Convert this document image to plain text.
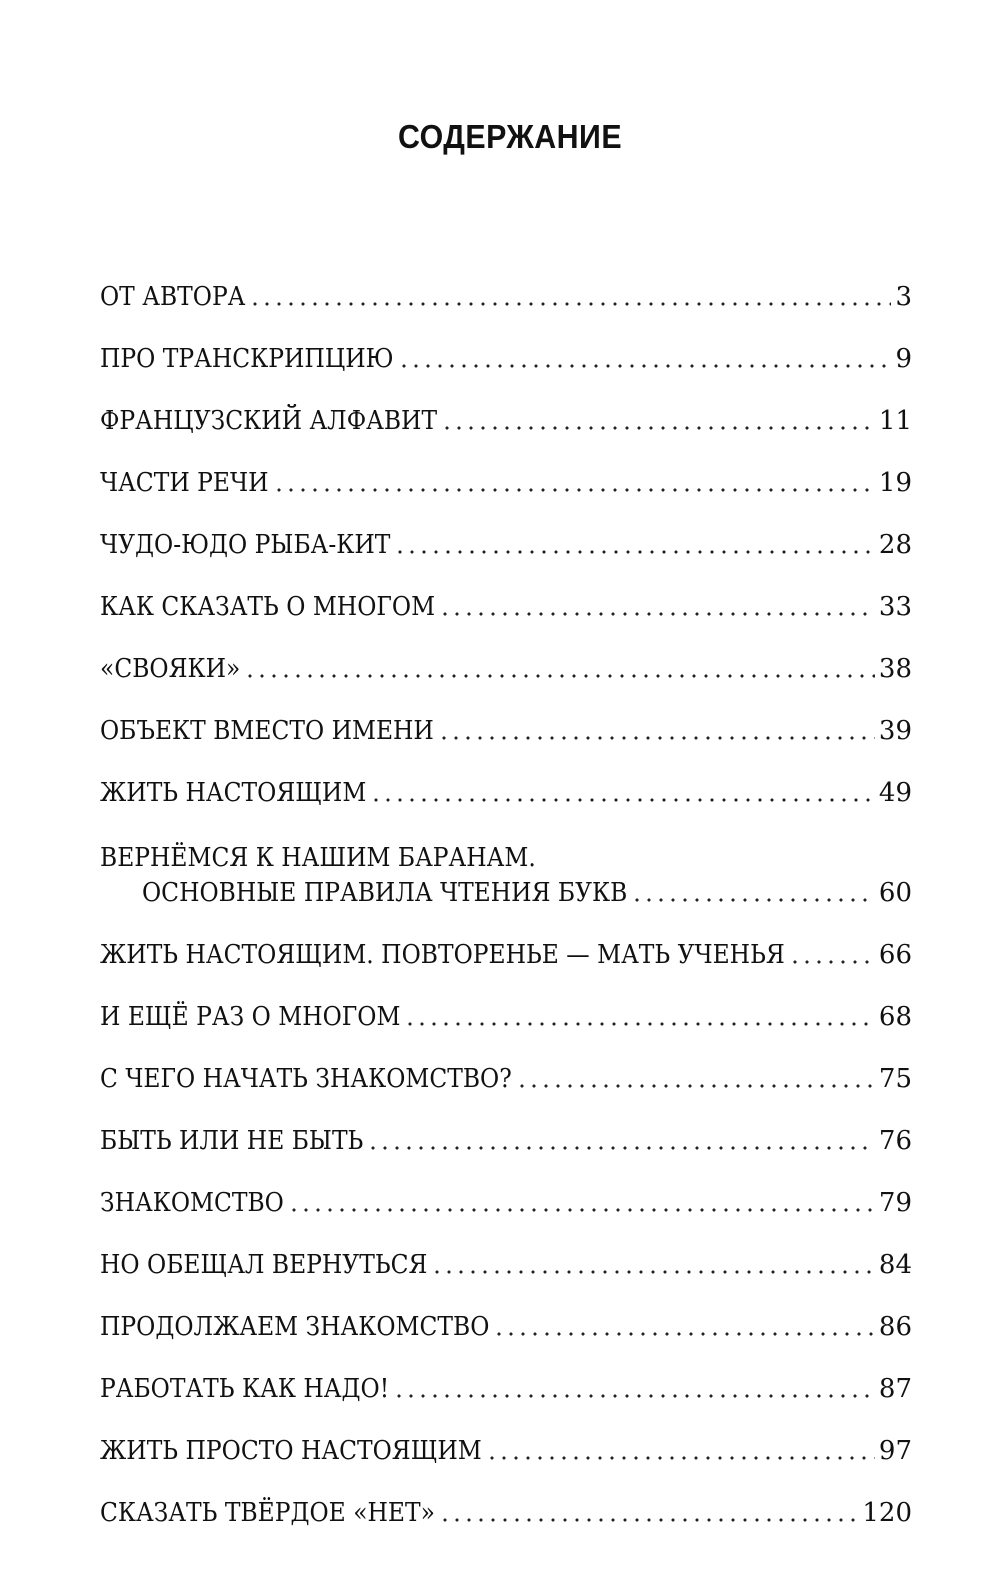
СОДЕРЖАНИЕ
ОТ АВТОРА	3
ПРО ТРАНСКРИПЦИЮ	9
ФРАНЦУЗСКИЙ АЛФАВИТ	11
ЧАСТИ РЕЧИ	19
ЧУДО-ЮДО РЫБА-КИТ	28
КАК СКАЗАТЬ О МНОГОМ	33
«СВОЯКИ»	38
ОБЪЕКТ ВМЕСТО ИМЕНИ	39
ЖИТЬ НАСТОЯЩИМ	49
ВЕРНЁМСЯ К НАШИМ БАРАНАМ.
ОСНОВНЫЕ ПРАВИЛА ЧТЕНИЯ БУКВ	60
ЖИТЬ НАСТОЯЩИМ. ПОВТОРЕНЬЕ — МАТЬ УЧЕНЬЯ	66
И ЕЩЁ РАЗ О МНОГОМ	68
С ЧЕГО НАЧАТЬ ЗНАКОМСТВО?	75
БЫТЬ ИЛИ НЕ БЫТЬ	76
ЗНАКОМСТВО	79
НО ОБЕЩАЛ ВЕРНУТЬСЯ	84
ПРОДОЛЖАЕМ ЗНАКОМСТВО	86
РАБОТАТЬ КАК НАДО!	87
ЖИТЬ ПРОСТО НАСТОЯЩИМ	97
СКАЗАТЬ ТВЁРДОЕ «НЕТ»	120
